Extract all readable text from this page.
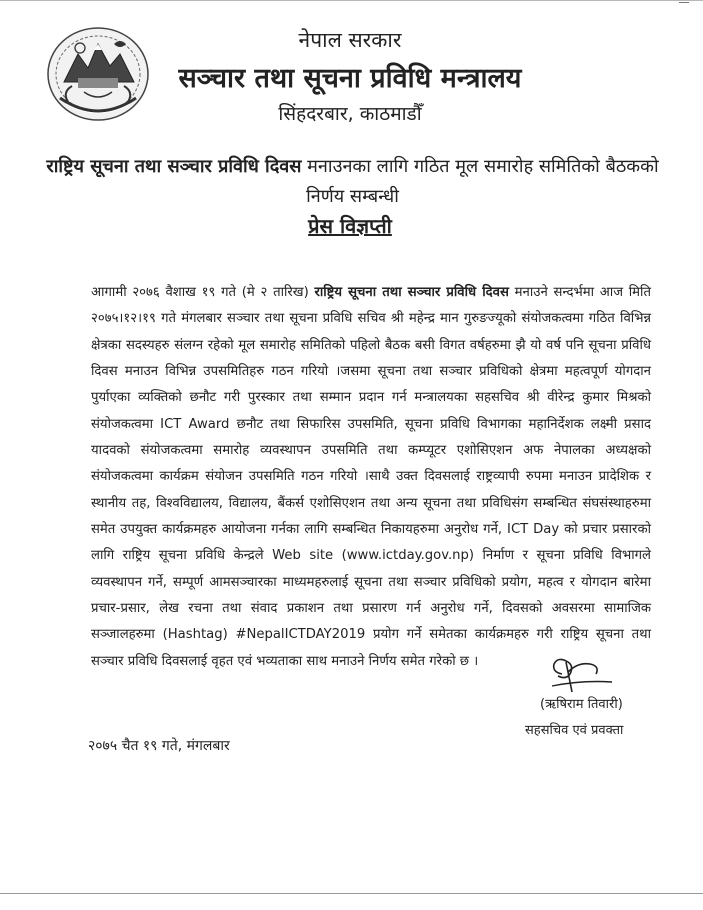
नेपाल सरकार
सञ्चार तथा सूचना प्रविधि मन्त्रालय
सिंहदरबार, काठमाडौँ
राष्ट्रिय सूचना तथा सञ्चार प्रविधि दिवस मनाउनका लागि गठित मूल समारोह समितिको बैठकको
निर्णय सम्बन्धी
प्रेस विज्ञप्ती
आगामी २०७६ वैशाख १९ गते (मे २ तारिख) राष्ट्रिय सूचना तथा सञ्चार प्रविधि दिवस मनाउने सन्दर्भमा आज मिति २०७५।१२।१९ गते मंगलबार सञ्चार तथा सूचना प्रविधि सचिव श्री महेन्द्र मान गुरुङज्यूको संयोजकत्वमा गठित विभिन्न क्षेत्रका सदस्यहरु संलग्न रहेको मूल समारोह समितिको पहिलो बैठक बसी विगत वर्षहरुमा झै यो वर्ष पनि सूचना प्रविधि दिवस मनाउन विभिन्न उपसमितिहरु गठन गरियो ।जसमा सूचना तथा सञ्चार प्रविधिको क्षेत्रमा महत्वपूर्ण योगदान पुर्याएका व्यक्तिको छनौट गरी पुरस्कार तथा सम्मान प्रदान गर्न मन्त्रालयका सहसचिव श्री वीरेन्द्र कुमार मिश्रको संयोजकत्वमा ICT Award छनौट तथा सिफारिस उपसमिति, सूचना प्रविधि विभागका महानिर्देशक लक्ष्मी प्रसाद यादवको संयोजकत्वमा समारोह व्यवस्थापन उपसमिति तथा कम्प्यूटर एशोसिएशन अफ नेपालका अध्यक्षको संयोजकत्वमा कार्यक्रम संयोजन उपसमिति गठन गरियो ।साथै उक्त दिवसलाई राष्ट्रव्यापी रुपमा मनाउन प्रादेशिक र स्थानीय तह, विश्वविद्यालय, विद्यालय, बैंकर्स एशोसिएशन तथा अन्य सूचना तथा प्रविधिसंग सम्बन्धित संघसंस्थाहरुमा समेत उपयुक्त कार्यक्रमहरु आयोजना गर्नका लागि सम्बन्धित निकायहरुमा अनुरोध गर्ने, ICT Day को प्रचार प्रसारको लागि राष्ट्रिय सूचना प्रविधि केन्द्रले Web site (www.ictday.gov.np) निर्माण र सूचना प्रविधि विभागले व्यवस्थापन गर्ने, सम्पूर्ण आमसञ्चारका माध्यमहरुलाई सूचना तथा सञ्चार प्रविधिको प्रयोग, महत्व र योगदान बारेमा प्रचार-प्रसार, लेख रचना तथा संवाद प्रकाशन तथा प्रसारण गर्न अनुरोध गर्ने, दिवसको अवसरमा सामाजिक सञ्जालहरुमा (Hashtag) #NepalICTDAY2019 प्रयोग गर्ने समेतका कार्यक्रमहरु गरी राष्ट्रिय सूचना तथा सञ्चार प्रविधि दिवसलाई वृहत एवं भव्यताका साथ मनाउने निर्णय समेत गरेको छ ।
(ऋषिराम तिवारी)
सहसचिव एवं प्रवक्ता
२०७५ चैत १९ गते, मंगलबार
